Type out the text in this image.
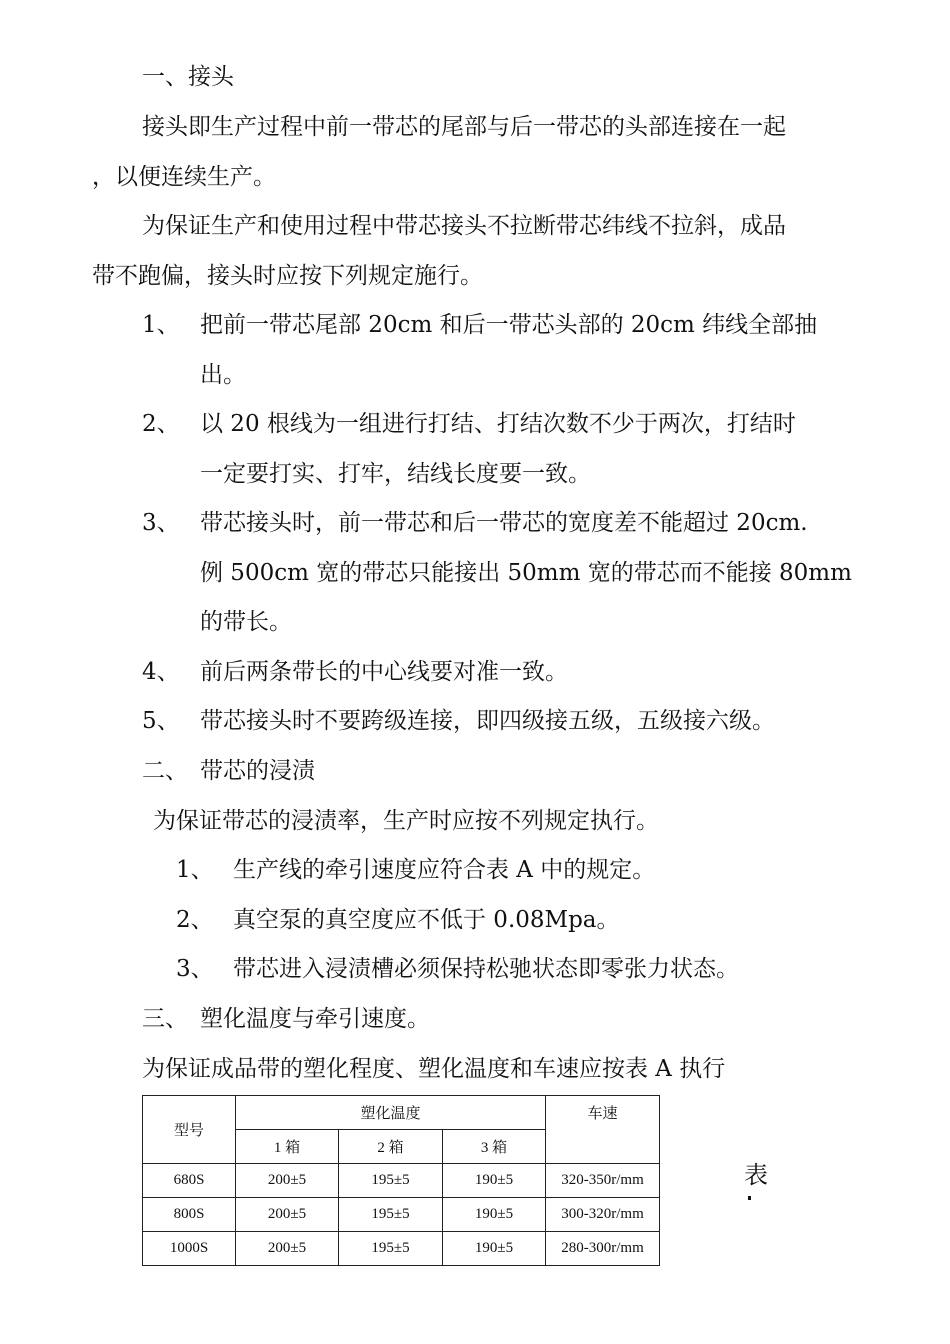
一、接头
接头即生产过程中前一带芯的尾部与后一带芯的头部连接在一起
，以便连续生产。
为保证生产和使用过程中带芯接头不拉断带芯纬线不拉斜，成品
带不跑偏，接头时应按下列规定施行。
1、 把前一带芯尾部 20cm 和后一带芯头部的 20cm 纬线全部抽
出。
2、 以 20 根线为一组进行打结、打结次数不少于两次，打结时
一定要打实、打牢，结线长度要一致。
3、 带芯接头时，前一带芯和后一带芯的宽度差不能超过 20cm.
例 500cm 宽的带芯只能接出 50mm 宽的带芯而不能接 80mm
的带长。
4、 前后两条带长的中心线要对准一致。
5、 带芯接头时不要跨级连接，即四级接五级，五级接六级。
二、 带芯的浸渍
为保证带芯的浸渍率，生产时应按不列规定执行。
1、 生产线的牵引速度应符合表 A 中的规定。
2、 真空泵的真空度应不低于 0.08Mpa。
3、 带芯进入浸渍槽必须保持松驰状态即零张力状态。
三、 塑化温度与牵引速度。
为保证成品带的塑化程度、塑化温度和车速应按表 A 执行
型号	塑化温度			车速
	1 箱	2 箱	3 箱	
680S	200±5	195±5	190±5	320-350r/mm
800S	200±5	195±5	190±5	300-320r/mm
1000S	200±5	195±5	190±5	280-300r/mm
表
